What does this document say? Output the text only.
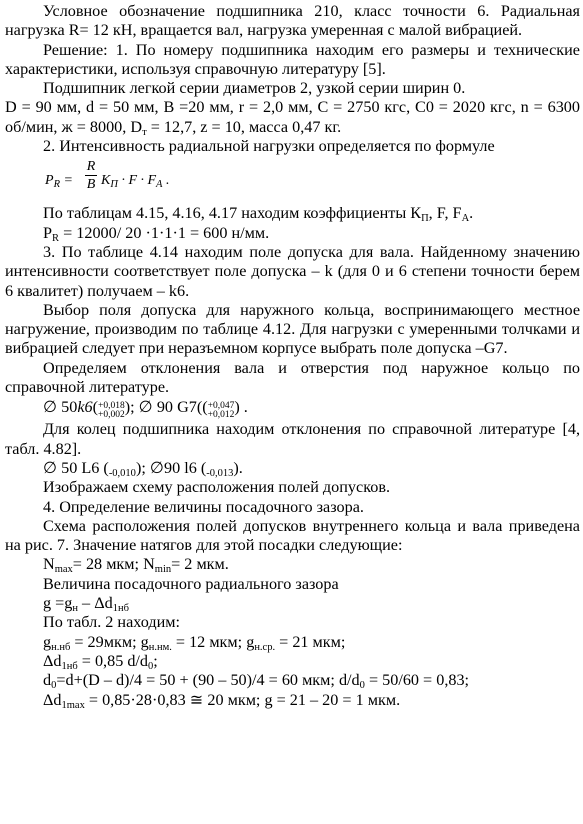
Условное обозначение подшипника 210, класс точности 6. Радиальная нагрузка R= 12 кН, вращается вал, нагрузка умеренная с малой вибрацией.

Решение: 1. По номеру подшипника находим его размеры и технические характеристики, используя справочную литературу [5].

Подшипник легкой серии диаметров 2, узкой серии ширин 0.

D = 90 мм, d = 50 мм, B =20 мм, r = 2,0 мм, C = 2750 кгс, C0 = 2020 кгс, n = 6300 об/мин, ж = 8000, $D_т = 12,7$, z = 10, масса 0,47 кг.

2. Интенсивность радиальной нагрузки определяется по формуле

$P_R = \frac{R}{B} K_П \cdot F \cdot F_A$ .

По таблицам 4.15, 4.16, 4.17 находим коэффициенты $К_П$, F, $F_А$.

$P_R = 12000/$ 20 ·1·1·1 = 600 н/мм.

3. По таблице 4.14 находим поле допуска для вала. Найденному значению интенсивности соответствует поле допуска – k (для 0 и 6 степени точности берем 6 квалитет) получаем – k6.

Выбор поля допуска для наружного кольца, воспринимающего местное нагружение, производим по таблице 4.12. Для нагрузки с умеренными толчками и вибрацией следует при неразъемном корпусе выбрать поле допуска –G7.

Определяем отклонения вала и отверстия под наружное кольцо по справочной литературе.

∅ 50k6( +0,018
+0,002 ); ∅ 90 G7(( +0,047
+0,012 ) .

Для колец подшипника находим отклонения по справочной литературе [4, табл. 4.82].

∅ 50 L6 $(_{-0,010})$; ∅90 l6 $(_{-0,013})$.

Изображаем схему расположения полей допусков.

4. Определение величины посадочного зазора.

Схема расположения полей допусков внутреннего кольца и вала приведена на рис. 7. Значение натягов для этой посадки следующие:

$N_{max}= 28$ мкм; $N_{min}= 2$ мкм.

Величина посадочного радиального зазора

$g =g_н - \Delta d_{1нб}$

По табл. 2 находим:

$g_{н.нб} = 29мкм$; $g_{н.нм.} = 12$ мкм; $g_{н.ср.} = 21$ мкм;

$\Delta d_{1нб} = 0,85$ $d/d_0$;

$d_0=d+(D - d)/4 = 50 + (90 - 50)/4 = 60$ мкм; $d/d_0 = 50/60 = 0,83$;

$\Delta d_{1max} = 0,85\cdot 28\cdot 0,83$ ≅ 20 мкм; g = 21 – 20 = 1 мкм.
